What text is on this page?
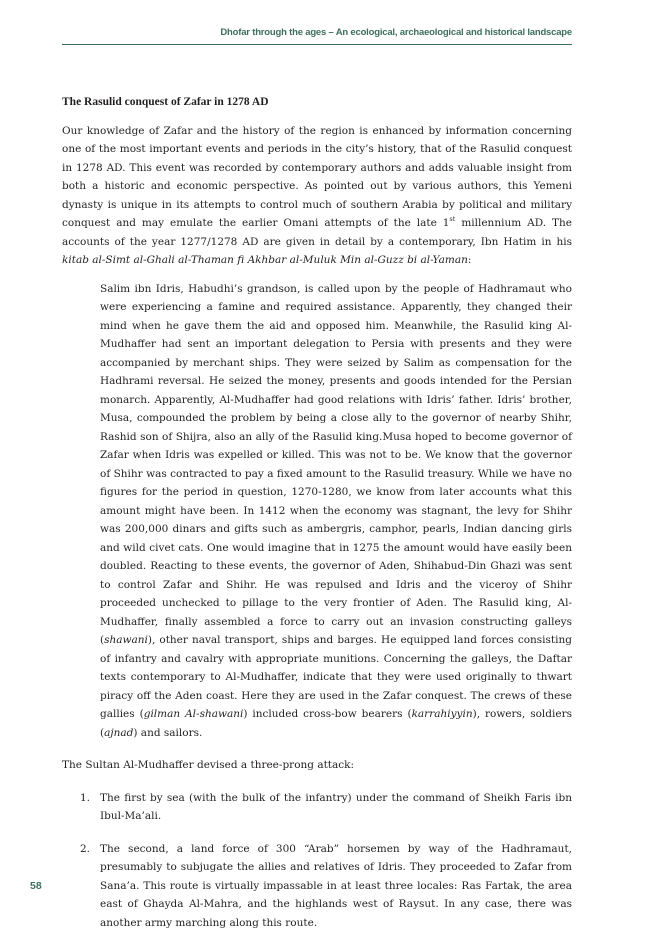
Dhofar through the ages – An ecological, archaeological and historical landscape
The Rasulid conquest of Zafar in 1278 AD

Our knowledge of Zafar and the history of the region is enhanced by information concerning one of the most important events and periods in the city’s history, that of the Rasulid conquest in 1278 AD. This event was recorded by contemporary authors and adds valuable insight from both a historic and economic perspective. As pointed out by various authors, this Yemeni dynasty is unique in its attempts to control much of southern Arabia by political and military conquest and may emulate the earlier Omani attempts of the late 1st millennium AD. The accounts of the year 1277/1278 AD are given in detail by a contemporary, Ibn Hatim in his kitab al-Simt al-Ghali al-Thaman fi Akhbar al-Muluk Min al-Guzz bi al-Yaman:

Salim ibn Idris, Habudhi’s grandson, is called upon by the people of Hadhramaut who were experiencing a famine and required assistance. Apparently, they changed their mind when he gave them the aid and opposed him. Meanwhile, the Rasulid king Al-Mudhaffer had sent an important delegation to Persia with presents and they were accompanied by merchant ships. They were seized by Salim as compensation for the Hadhrami reversal. He seized the money, presents and goods intended for the Persian monarch. Apparently, Al-Mudhaffer had good relations with Idris’ father. Idris’ brother, Musa, compounded the problem by being a close ally to the governor of nearby Shihr, Rashid son of Shijra, also an ally of the Rasulid king.Musa hoped to become governor of Zafar when Idris was expelled or killed. This was not to be. We know that the governor of Shihr was contracted to pay a fixed amount to the Rasulid treasury. While we have no figures for the period in question, 1270-1280, we know from later accounts what this amount might have been. In 1412 when the economy was stagnant, the levy for Shihr was 200,000 dinars and gifts such as ambergris, camphor, pearls, Indian dancing girls and wild civet cats. One would imagine that in 1275 the amount would have easily been doubled. Reacting to these events, the governor of Aden, Shihabud-Din Ghazi was sent to control Zafar and Shihr. He was repulsed and Idris and the viceroy of Shihr proceeded unchecked to pillage to the very frontier of Aden. The Rasulid king, Al-Mudhaffer, finally assembled a force to carry out an invasion constructing galleys (shawani), other naval transport, ships and barges. He equipped land forces consisting of infantry and cavalry with appropriate munitions. Concerning the galleys, the Daftar texts contemporary to Al-Mudhaffer, indicate that they were used originally to thwart piracy off the Aden coast. Here they are used in the Zafar conquest. The crews of these gallies (gilman Al-shawani) included cross-bow bearers (karrahiyyin), rowers, soldiers (ajnad) and sailors.

The Sultan Al-Mudhaffer devised a three-prong attack:

1. The first by sea (with the bulk of the infantry) under the command of Sheikh Faris ibn Ibul-Ma’ali.
2. The second, a land force of 300 “Arab” horsemen by way of the Hadhramaut, presumably to subjugate the allies and relatives of Idris. They proceeded to Zafar from Sana’a. This route is virtually impassable in at least three locales: Ras Fartak, the area east of Ghayda Al-Mahra, and the highlands west of Raysut. In any case, there was another army marching along this route.
58
